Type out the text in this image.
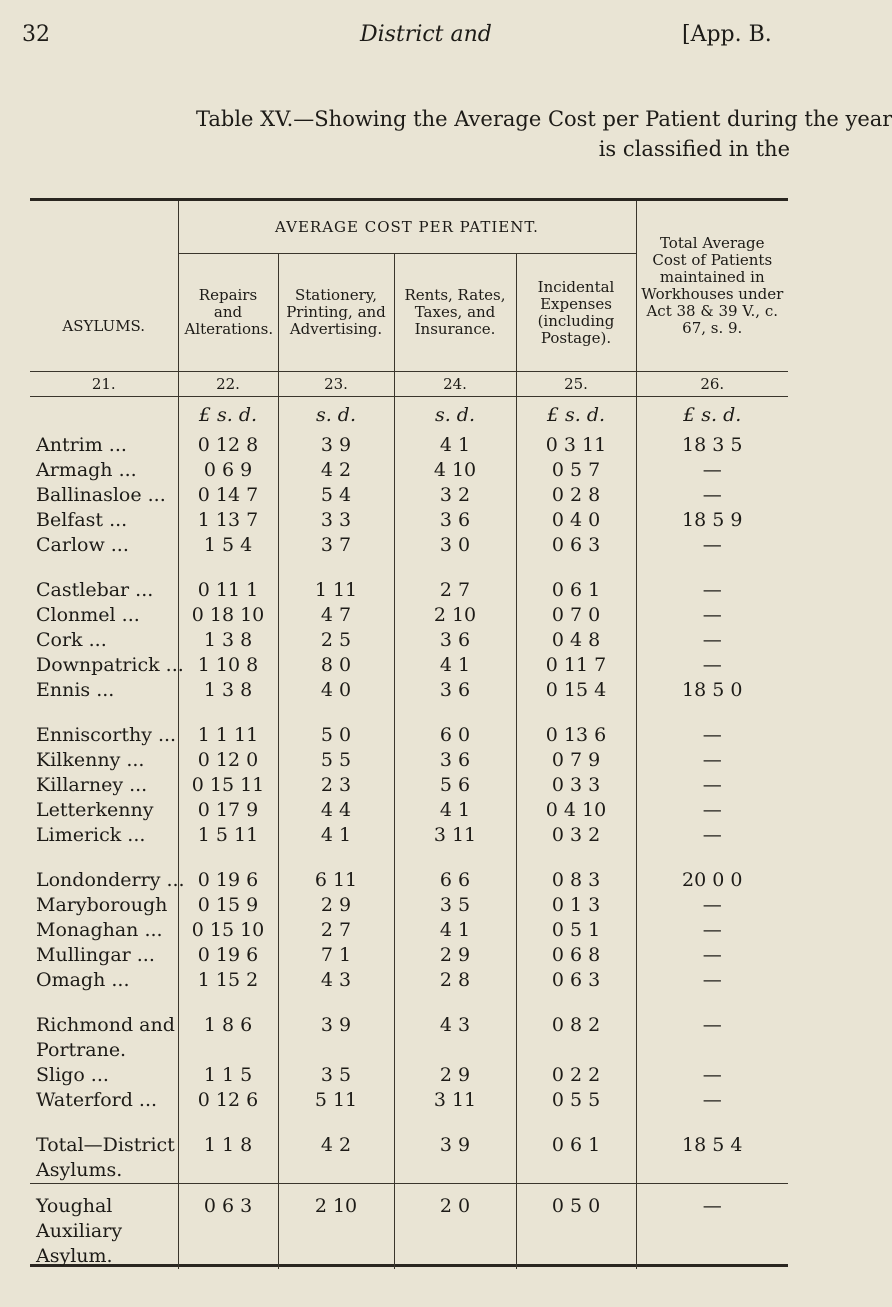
32	District and	[App. B.
Table XV.—Showing the Average Cost per Patient during the year
is classified in the
ASYLUMS.	AVERAGE COST PER PATIENT.				Total Average Cost of Patients maintained in Workhouses under Act 38 & 39 V., c. 67, s. 9.
	Repairs and Alterations.	Stationery, Printing, and Advertising.	Rents, Rates, Taxes, and Insurance.	Incidental Expenses (including Postage).	
21.	22.	23.	24.	25.	26.
	£ s. d.	s. d.	s. d.	£ s. d.	£ s. d.
Antrim ...	0 12 8	3 9	4 1	0 3 11	18 3 5
Armagh ...	0 6 9	4 2	4 10	0 5 7	—
Ballinasloe ...	0 14 7	5 4	3 2	0 2 8	—
Belfast ...	1 13 7	3 3	3 6	0 4 0	18 5 9
Carlow ...	1 5 4	3 7	3 0	0 6 3	—

Castlebar ...	0 11 1	1 11	2 7	0 6 1	—
Clonmel ...	0 18 10	4 7	2 10	0 7 0	—
Cork ...	1 3 8	2 5	3 6	0 4 8	—
Downpatrick ...	1 10 8	8 0	4 1	0 11 7	—
Ennis ...	1 3 8	4 0	3 6	0 15 4	18 5 0

Enniscorthy ...	1 1 11	5 0	6 0	0 13 6	—
Kilkenny ...	0 12 0	5 5	3 6	0 7 9	—
Killarney ...	0 15 11	2 3	5 6	0 3 3	—
Letterkenny	0 17 9	4 4	4 1	0 4 10	—
Limerick ...	1 5 11	4 1	3 11	0 3 2	—

Londonderry ...	0 19 6	6 11	6 6	0 8 3	20 0 0
Maryborough	0 15 9	2 9	3 5	0 1 3	—
Monaghan ...	0 15 10	2 7	4 1	0 5 1	—
Mullingar ...	0 19 6	7 1	2 9	0 6 8	—
Omagh ...	1 15 2	4 3	2 8	0 6 3	—

Richmond and Portrane.	1 8 6	3 9	4 3	0 8 2	—
Sligo ...	1 1 5	3 5	2 9	0 2 2	—
Waterford ...	0 12 6	5 11	3 11	0 5 5	—

Total—District Asylums.	1 1 8	4 2	3 9	0 6 1	18 5 4

Youghal Auxiliary Asylum.	0 6 3	2 10	2 0	0 5 0	—
